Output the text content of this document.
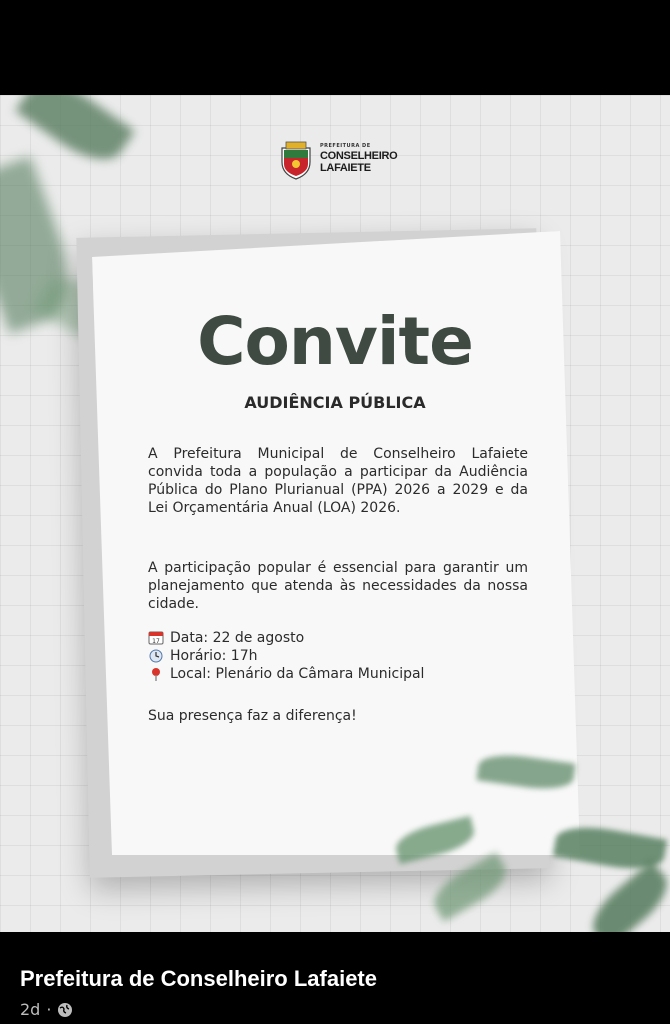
PREFEITURA DE
CONSELHEIRO
LAFAIETE
Convite
AUDIÊNCIA PÚBLICA
A Prefeitura Municipal de Conselheiro Lafaiete convida toda a população a participar da Audiência Pública do Plano Plurianual (PPA) 2026 a 2029 e da Lei Orçamentária Anual (LOA) 2026.
A participação popular é essencial para garantir um planejamento que atenda às necessidades da nossa cidade.
17 Data: 22 de agosto
Horário: 17h
Local: Plenário da Câmara Municipal
Sua presença faz a diferença!
Prefeitura de Conselheiro Lafaiete
2d ·
